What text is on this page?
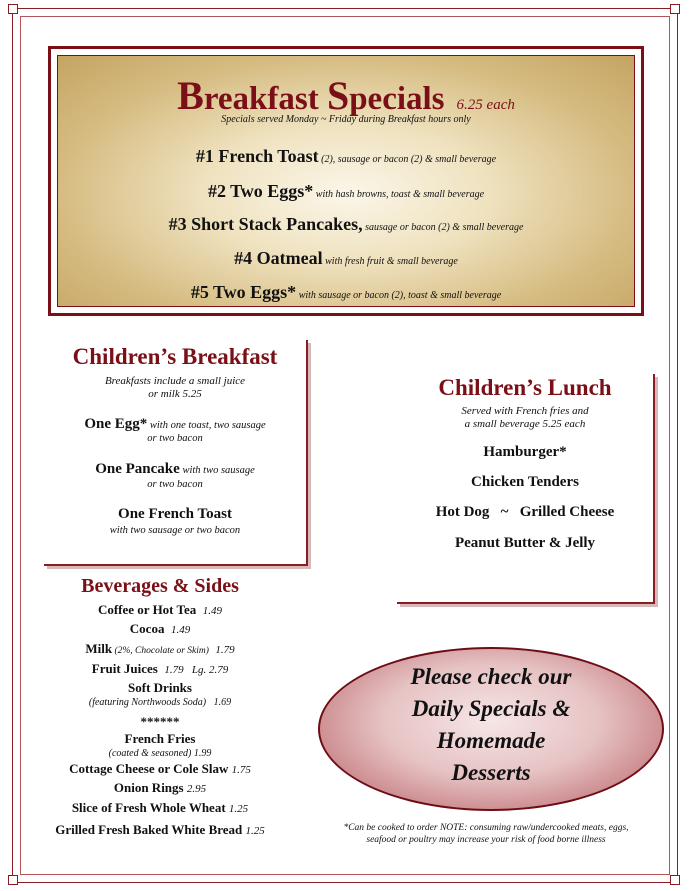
Breakfast Specials 6.25 each
Specials served Monday ~ Friday during Breakfast hours only
#1 French Toast (2), sausage or bacon (2) & small beverage
#2 Two Eggs* with hash browns, toast & small beverage
#3 Short Stack Pancakes, sausage or bacon (2) & small beverage
#4 Oatmeal with fresh fruit & small beverage
#5 Two Eggs* with sausage or bacon (2), toast & small beverage
Children’s Breakfast
Breakfasts include a small juice
or milk 5.25
One Egg* with one toast, two sausage
or two bacon
One Pancake with two sausage
or two bacon
One French Toast
with two sausage or two bacon
Children’s Lunch
Served with French fries and
a small beverage 5.25 each
Hamburger*
Chicken Tenders
Hot Dog   ~   Grilled Cheese
Peanut Butter & Jelly
Beverages & Sides
Coffee or Hot Tea 1.49
Cocoa 1.49
Milk (2%, Chocolate or Skim) 1.79
Fruit Juices 1.79   Lg. 2.79
Soft Drinks
(featuring Northwoods Soda) 1.69
******
French Fries
(coated & seasoned) 1.99
Cottage Cheese or Cole Slaw 1.75
Onion Rings 2.95
Slice of Fresh Whole Wheat 1.25
Grilled Fresh Baked White Bread 1.25
Please check our
Daily Specials &
Homemade
Desserts
*Can be cooked to order NOTE: consuming raw/undercooked meats, eggs,
seafood or poultry may increase your risk of food borne illness
